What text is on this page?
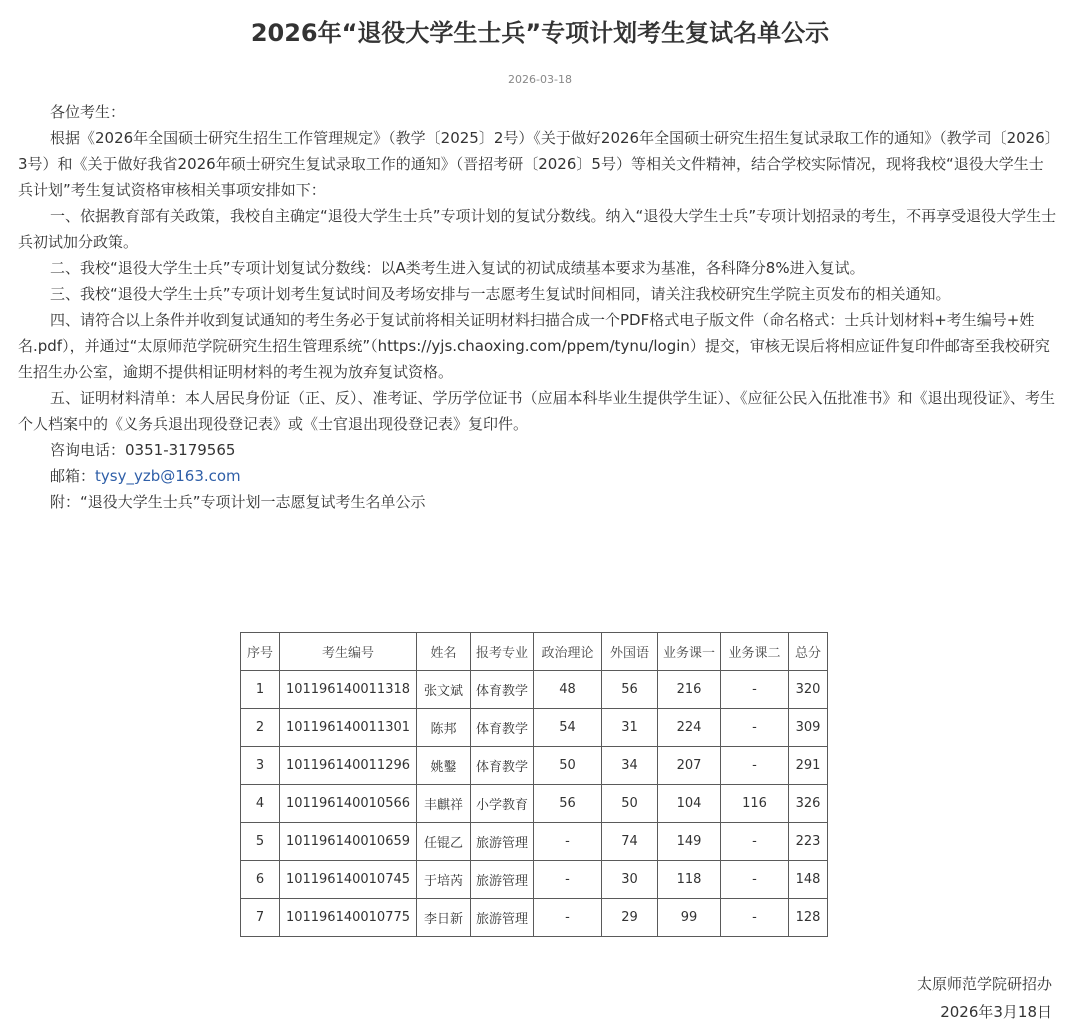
2026年“退役大学生士兵”专项计划考生复试名单公示
2026-03-18

各位考生：

根据《2026年全国硕士研究生招生工作管理规定》（教学〔2025〕2号）《关于做好2026年全国硕士研究生招生复试录取工作的通知》（教学司〔2026〕3号）和《关于做好我省2026年硕士研究生复试录取工作的通知》（晋招考研〔2026〕5号）等相关文件精神，结合学校实际情况，现将我校“退役大学生士兵计划”考生复试资格审核相关事项安排如下：

一、依据教育部有关政策，我校自主确定“退役大学生士兵”专项计划的复试分数线。纳入“退役大学生士兵”专项计划招录的考生，不再享受退役大学生士兵初试加分政策。

二、我校“退役大学生士兵”专项计划复试分数线：以A类考生进入复试的初试成绩基本要求为基准，各科降分8%进入复试。

三、我校“退役大学生士兵”专项计划考生复试时间及考场安排与一志愿考生复试时间相同，请关注我校研究生学院主页发布的相关通知。

四、请符合以上条件并收到复试通知的考生务必于复试前将相关证明材料扫描合成一个PDF格式电子版文件（命名格式：士兵计划材料+考生编号+姓名.pdf），并通过“太原师范学院研究生招生管理系统”（https://yjs.chaoxing.com/ppem/tynu/login）提交，审核无误后将相应证件复印件邮寄至我校研究生招生办公室，逾期不提供相证明材料的考生视为放弃复试资格。

五、证明材料清单：本人居民身份证（正、反）、准考证、学历学位证书（应届本科毕业生提供学生证）、《应征公民入伍批准书》和《退出现役证》、考生个人档案中的《义务兵退出现役登记表》或《士官退出现役登记表》复印件。

咨询电话：0351-3179565

邮箱：tysy_yzb@163.com

附：“退役大学生士兵”专项计划一志愿复试考生名单公示

序号	考生编号	姓名	报考专业	政治理论	外国语	业务课一	业务课二	总分
1	101196140011318	张文斌	体育教学	48	56	216	-	320
2	101196140011301	陈邦	体育教学	54	31	224	-	309
3	101196140011296	姚鑿	体育教学	50	34	207	-	291
4	101196140010566	丰麒祥	小学教育	56	50	104	116	326
5	101196140010659	任锟乙	旅游管理	-	74	149	-	223
6	101196140010745	于培芮	旅游管理	-	30	118	-	148
7	101196140010775	李日新	旅游管理	-	29	99	-	128
太原师范学院研招办
2026年3月18日
